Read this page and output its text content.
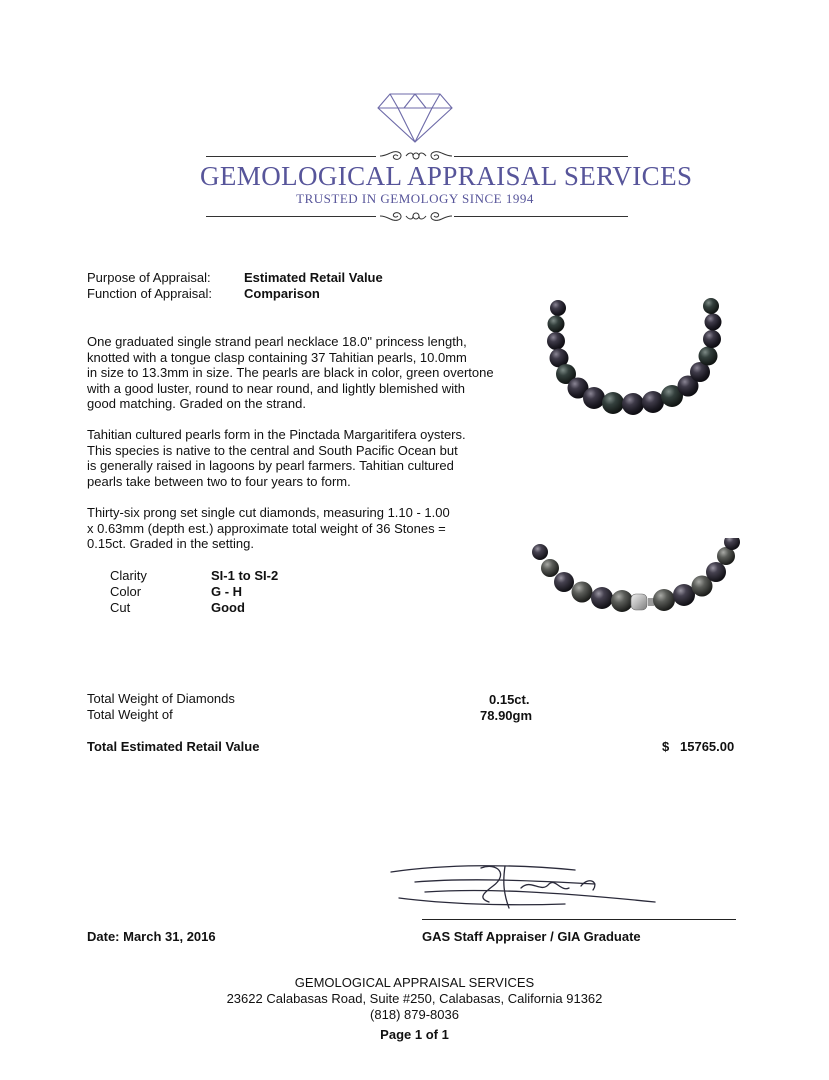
GEMOLOGICAL APPRAISAL SERVICES
TRUSTED IN GEMOLOGY SINCE 1994
Purpose of Appraisal:	Estimated Retail Value
Function of Appraisal: Comparison
One graduated single strand pearl necklace 18.0" princess length,
knotted with a tongue clasp containing 37 Tahitian pearls, 10.0mm
in size to 13.3mm in size. The pearls are black in color, green overtone
with a good luster, round to near round, and lightly blemished with
good matching. Graded on the strand.
Tahitian cultured pearls form in the Pinctada Margaritifera oysters.
This species is native to the central and South Pacific Ocean but
is generally raised in lagoons by pearl farmers. Tahitian cultured
pearls take between two to four years to form.
Thirty-six prong set single cut diamonds, measuring 1.10 - 1.00
x 0.63mm (depth est.) approximate total weight of 36 Stones =
0.15ct. Graded in the setting.
Clarity	SI-1 to SI-2
Color	G - H
Cut	Good
Total Weight of Diamonds	0.15ct.
Total Weight of	78.90gm
Total Estimated Retail Value	$ 15765.00
Date: March 31, 2016	GAS Staff Appraiser / GIA Graduate
GEMOLOGICAL APPRAISAL SERVICES
23622 Calabasas Road, Suite #250, Calabasas, California 91362
(818) 879-8036
Page 1 of 1
